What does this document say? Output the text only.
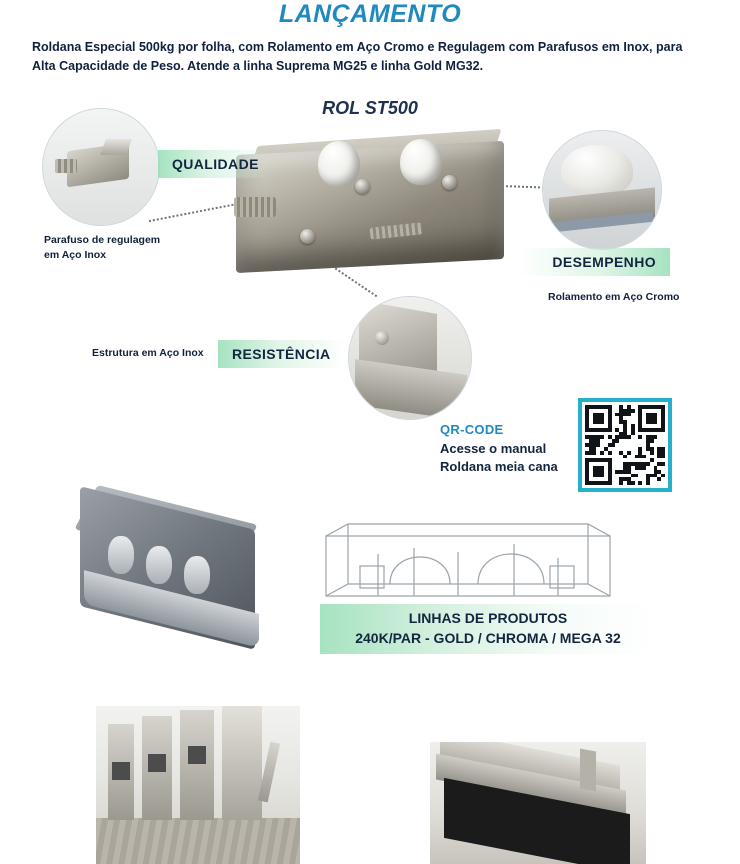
LANÇAMENTO
Roldana Especial 500kg por folha, com Rolamento em Aço Cromo e Regulagem com Parafusos em Inox, para Alta Capacidade de Peso. Atende a linha Suprema MG25 e linha Gold MG32.
ROL ST500
QUALIDADE
Parafuso de regulagem
em Aço Inox	DESEMPENHO
Rolamento em Aço Cromo
RESISTÊNCIA
Estrutura em Aço Inox
QR-CODE
Acesse o manual
Roldana meia cana
LINHAS DE PRODUTOS
240K/PAR - GOLD / CHROMA / MEGA 32
